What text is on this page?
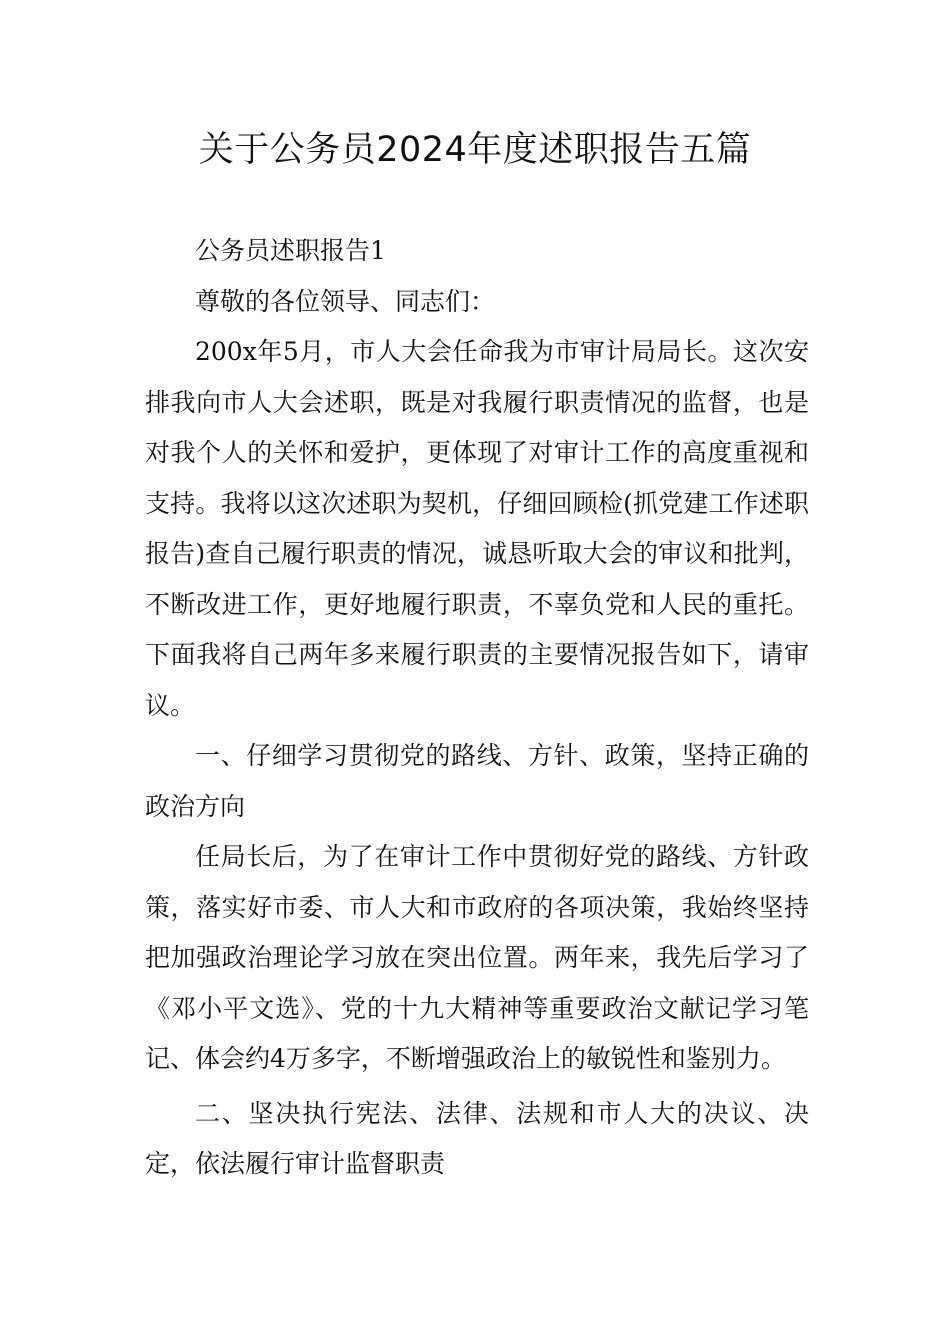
关于公务员2024年度述职报告五篇

公务员述职报告1

尊敬的各位领导、同志们：

200x年5月，市人大会任命我为市审计局局长。这次安排我向市人大会述职，既是对我履行职责情况的监督，也是对我个人的关怀和爱护，更体现了对审计工作的高度重视和支持。我将以这次述职为契机，仔细回顾检(抓党建工作述职报告)查自己履行职责的情况，诚恳听取大会的审议和批判，不断改进工作，更好地履行职责，不辜负党和人民的重托。下面我将自己两年多来履行职责的主要情况报告如下，请审议。

一、仔细学习贯彻党的路线、方针、政策，坚持正确的政治方向

任局长后，为了在审计工作中贯彻好党的路线、方针政策，落实好市委、市人大和市政府的各项决策，我始终坚持把加强政治理论学习放在突出位置。两年来，我先后学习了《邓小平文选》、党的十九大精神等重要政治文献记学习笔记、体会约4万多字，不断增强政治上的敏锐性和鉴别力。

二、坚决执行宪法、法律、法规和市人大的决议、决定，依法履行审计监督职责
